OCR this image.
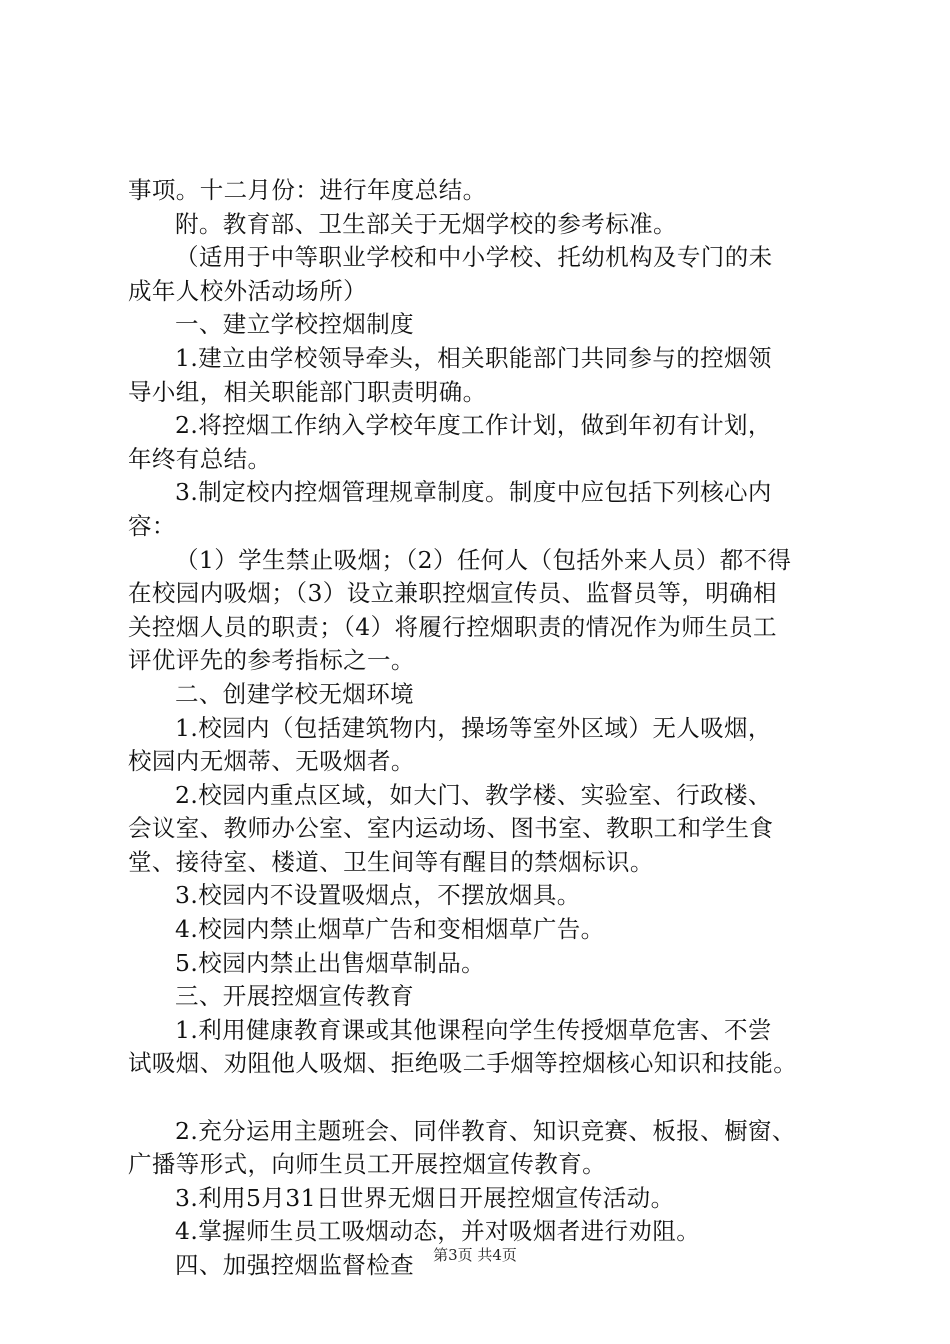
事项。十二月份：进行年度总结。
附。教育部、卫生部关于无烟学校的参考标准。
（适用于中等职业学校和中小学校、托幼机构及专门的未
成年人校外活动场所）
一、建立学校控烟制度
1.建立由学校领导牵头，相关职能部门共同参与的控烟领
导小组，相关职能部门职责明确。
2.将控烟工作纳入学校年度工作计划，做到年初有计划，
年终有总结。
3.制定校内控烟管理规章制度。制度中应包括下列核心内
容：
（1）学生禁止吸烟；（2）任何人（包括外来人员）都不得
在校园内吸烟；（3）设立兼职控烟宣传员、监督员等，明确相
关控烟人员的职责；（4）将履行控烟职责的情况作为师生员工
评优评先的参考指标之一。
二、创建学校无烟环境
1.校园内（包括建筑物内，操场等室外区域）无人吸烟，
校园内无烟蒂、无吸烟者。
2.校园内重点区域，如大门、教学楼、实验室、行政楼、
会议室、教师办公室、室内运动场、图书室、教职工和学生食
堂、接待室、楼道、卫生间等有醒目的禁烟标识。
3.校园内不设置吸烟点，不摆放烟具。
4.校园内禁止烟草广告和变相烟草广告。
5.校园内禁止出售烟草制品。
三、开展控烟宣传教育
1.利用健康教育课或其他课程向学生传授烟草危害、不尝
试吸烟、劝阻他人吸烟、拒绝吸二手烟等控烟核心知识和技能。
2.充分运用主题班会、同伴教育、知识竞赛、板报、橱窗、
广播等形式，向师生员工开展控烟宣传教育。
3.利用5月31日世界无烟日开展控烟宣传活动。
4.掌握师生员工吸烟动态，并对吸烟者进行劝阻。
四、加强控烟监督检查	第3页 共4页
